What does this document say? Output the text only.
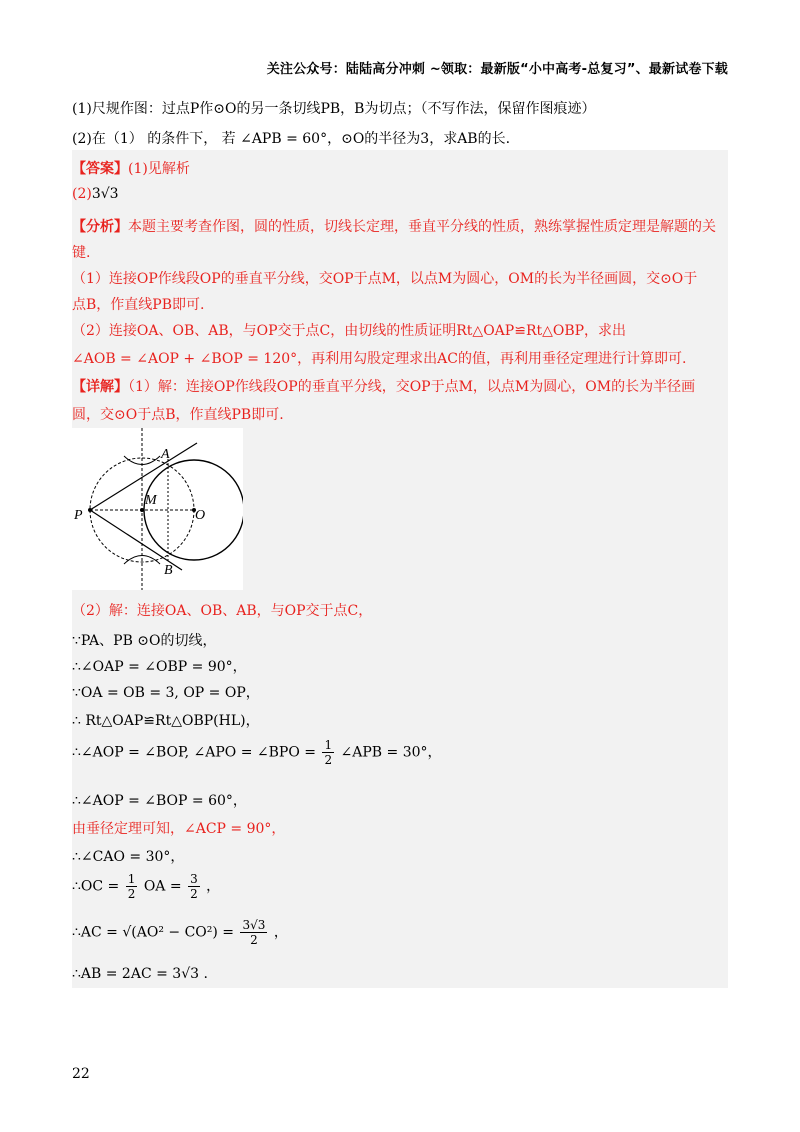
关注公众号：陆陆高分冲刺 ~领取：最新版“小中高考-总复习”、最新试卷下载
(1)尺规作图：过点P作⊙O的另一条切线PB，B为切点；（不写作法，保留作图痕迹）
(2)在（1） 的条件下， 若 ∠APB = 60°，⊙O的半径为3，求AB的长.
【答案】(1)见解析
(2)3√3
【分析】本题主要考查作图，圆的性质，切线长定理，垂直平分线的性质，熟练掌握性质定理是解题的关
键.
（1）连接OP作线段OP的垂直平分线，交OP于点M，以点M为圆心，OM的长为半径画圆，交⊙O于
点B，作直线PB即可.
（2）连接OA、OB、AB，与OP交于点C，由切线的性质证明Rt△OAP≌Rt△OBP，求出
∠AOB = ∠AOP + ∠BOP = 120°，再利用勾股定理求出AC的值，再利用垂径定理进行计算即可.
【详解】（1）解：连接OP作线段OP的垂直平分线，交OP于点M，以点M为圆心，OM的长为半径画
圆，交⊙O于点B，作直线PB即可.
（2）解：连接OA、OB、AB，与OP交于点C，
∵PA、PB ⊙O的切线，
∴∠OAP = ∠OBP = 90°，
∵OA = OB = 3, OP = OP，
∴ Rt△OAP≌Rt△OBP(HL)，
∴∠AOP = ∠BOP, ∠APO = ∠BPO = $\frac{1}{2}$ ∠APB = 30°，
∴∠AOP = ∠BOP = 60°，
由垂径定理可知，∠ACP = 90°，
∴∠CAO = 30°，
∴OC = $\frac{1}{2}$ OA = $\frac{3}{2}$ ，
∴AC = $√(AO^2 - CO^2) = \frac{3√3}{2}$ ，
∴AB = 2AC = 3√3 .
A
B
M
O
P
22
